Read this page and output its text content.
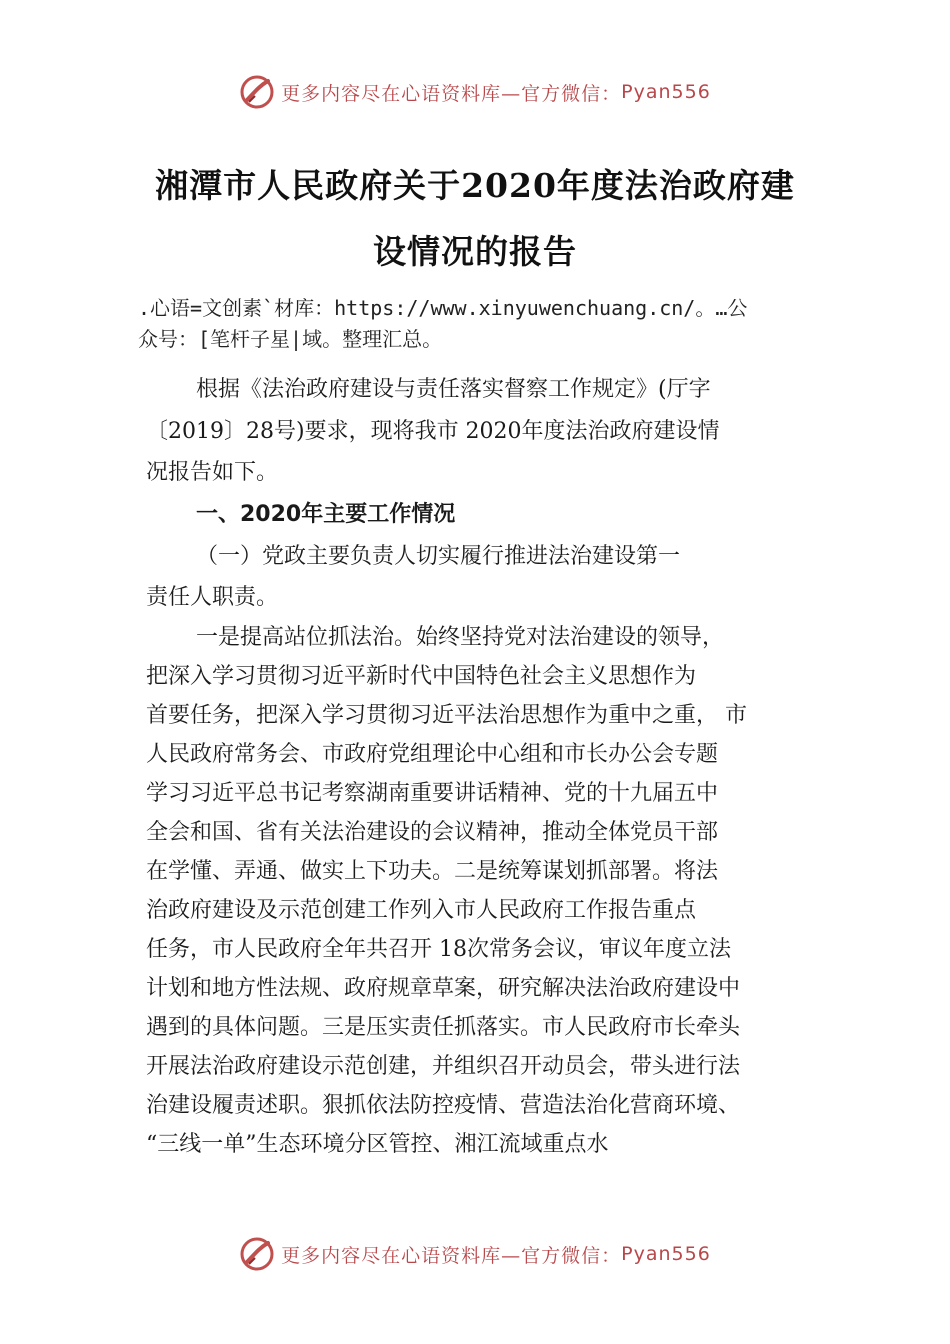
更多内容尽在心语资料库—官方微信： Pyan556
湘潭市人民政府关于2020年度法治政府建
设情况的报告
.心语=文创素`材库：https://www.xinyuwenchuang.cn/。…公
众号：[笔杆子星|域。整理汇总。
根据《法治政府建设与责任落实督察工作规定》(厅字
〔2019〕28号)要求，现将我市 2020年度法治政府建设情
况报告如下。
一、2020年主要工作情况
（一）党政主要负责人切实履行推进法治建设第一
责任人职责。
一是提高站位抓法治。始终坚持党对法治建设的领导，
把深入学习贯彻习近平新时代中国特色社会主义思想作为
首要任务，把深入学习贯彻习近平法治思想作为重中之重， 市
人民政府常务会、市政府党组理论中心组和市长办公会专题
学习习近平总书记考察湖南重要讲话精神、党的十九届五中
全会和国、省有关法治建设的会议精神，推动全体党员干部
在学懂、弄通、做实上下功夫。二是统筹谋划抓部署。将法
治政府建设及示范创建工作列入市人民政府工作报告重点
任务，市人民政府全年共召开 18次常务会议，审议年度立法
计划和地方性法规、政府规章草案，研究解决法治政府建设中
遇到的具体问题。三是压实责任抓落实。市人民政府市长牵头
开展法治政府建设示范创建，并组织召开动员会，带头进行法
治建设履责述职。狠抓依法防控疫情、营造法治化营商环境、
“三线一单”生态环境分区管控、湘江流域重点水
更多内容尽在心语资料库—官方微信： Pyan556
